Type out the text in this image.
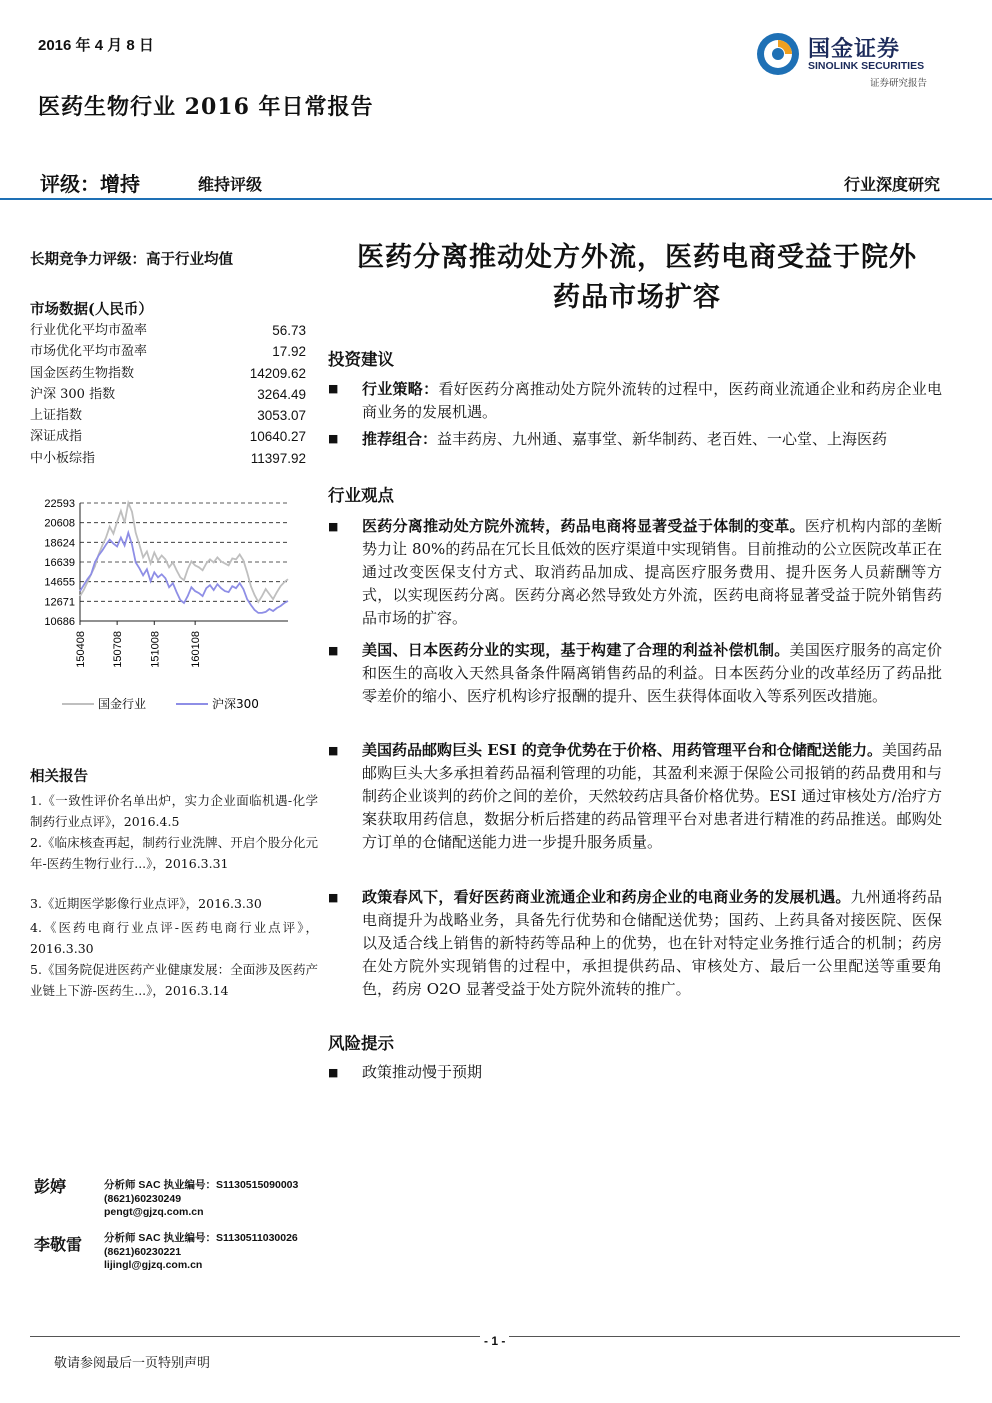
2016 年 4 月 8 日	国金证券
SINOLINK SECURITIES
证券研究报告
医药生物行业 2016 年日常报告
评级：增持	维持评级	行业深度研究
长期竞争力评级：高于行业均值
市场数据(人民币）
行业优化平均市盈率	56.73
市场优化平均市盈率	17.92
国金医药生物指数	14209.62
沪深 300 指数	3264.49
上证指数	3053.07
深证成指	10640.27
中小板综指	11397.92
22593
20608
18624
16639
14655
12671
10686
150408 150708 151008	160108
国金行业	沪深300
相关报告
1.《一致性评价名单出炉，实力企业面临机遇-化学制药行业点评》，2016.4.5
2.《临床核查再起，制药行业洗牌、开启个股分化元年-医药生物行业行...》，2016.3.31
3.《近期医学影像行业点评》，2016.3.30
4.《医药电商行业点评-医药电商行业点评》，2016.3.30
5.《国务院促进医药产业健康发展：全面涉及医药产业链上下游-医药生...》，2016.3.14
医药分离推动处方外流，医药电商受益于院外
药品市场扩容
投资建议
■ 行业策略：看好医药分离推动处方院外流转的过程中，医药商业流通企业和药房企业电商业务的发展机遇。
■ 推荐组合：益丰药房、九州通、嘉事堂、新华制药、老百姓、一心堂、上海医药
行业观点
■ 医药分离推动处方院外流转，药品电商将显著受益于体制的变革。医疗机构内部的垄断势力让 80%的药品在冗长且低效的医疗渠道中实现销售。目前推动的公立医院改革正在通过改变医保支付方式、取消药品加成、提高医疗服务费用、提升医务人员薪酬等方式，以实现医药分离。医药分离必然导致处方外流，医药电商将显著受益于院外销售药品市场的扩容。
■ 美国、日本医药分业的实现，基于构建了合理的利益补偿机制。美国医疗服务的高定价和医生的高收入天然具备条件隔离销售药品的利益。日本医药分业的改革经历了药品批零差价的缩小、医疗机构诊疗报酬的提升、医生获得体面收入等系列医改措施。
■ 美国药品邮购巨头 ESI 的竞争优势在于价格、用药管理平台和仓储配送能力。美国药品邮购巨头大多承担着药品福利管理的功能，其盈利来源于保险公司报销的药品费用和与制药企业谈判的药价之间的差价，天然较药店具备价格优势。ESI 通过审核处方/治疗方案获取用药信息，数据分析后搭建的药品管理平台对患者进行精准的药品推送。邮购处方订单的仓储配送能力进一步提升服务质量。
■ 政策春风下，看好医药商业流通企业和药房企业的电商业务的发展机遇。九州通将药品电商提升为战略业务，具备先行优势和仓储配送优势；国药、上药具备对接医院、医保以及适合线上销售的新特药等品种上的优势，也在针对特定业务推行适合的机制；药房在处方院外实现销售的过程中，承担提供药品、审核处方、最后一公里配送等重要角色，药房 O2O 显著受益于处方院外流转的推广。
风险提示
■ 政策推动慢于预期
彭婷	分析师 SAC 执业编号：S1130515090003
(8621)60230249
pengt@gjzq.com.cn
李敬雷 分析师 SAC 执业编号：S1130511030026
(8621)60230221
lijingl@gjzq.com.cn
- 1 -
敬请参阅最后一页特别声明
